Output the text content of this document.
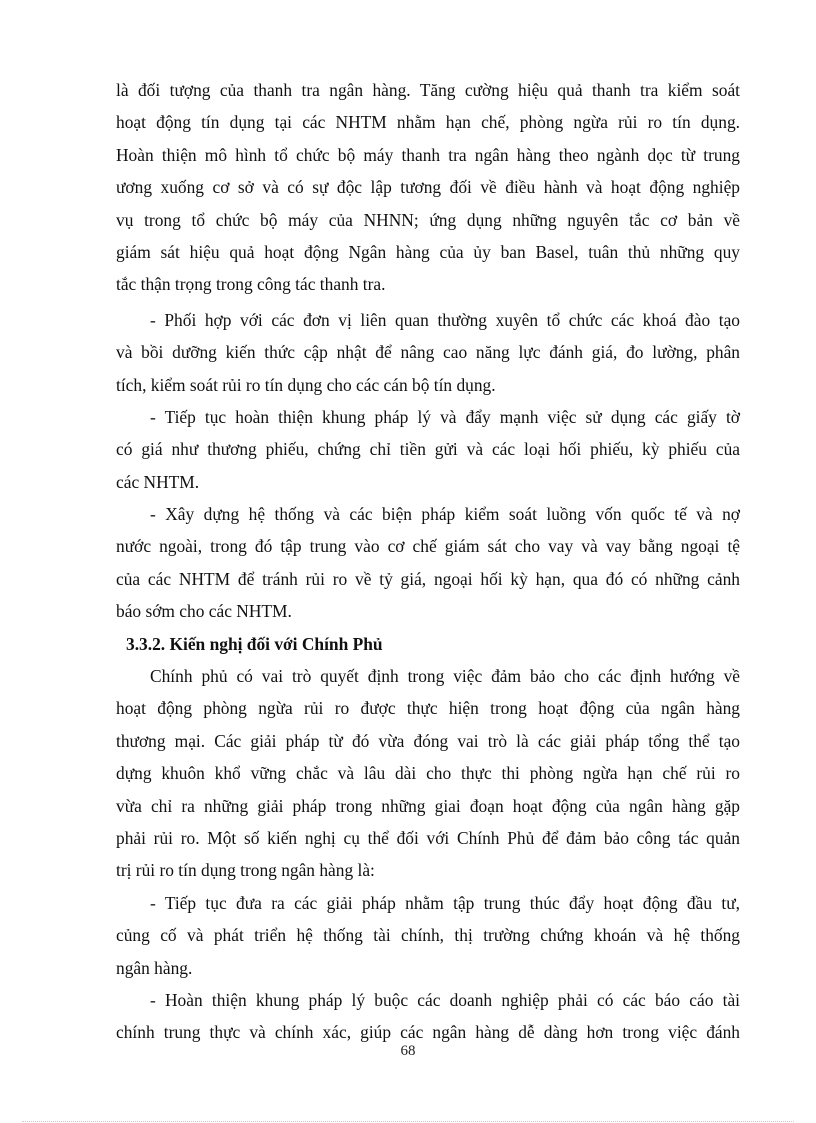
là đối tượng của thanh tra ngân hàng. Tăng cường hiệu quả thanh tra kiểm soát
hoạt động tín dụng tại các NHTM nhằm hạn chế, phòng ngừa rủi ro tín dụng.
Hoàn thiện mô hình tổ chức bộ máy thanh tra ngân hàng theo ngành dọc từ trung
ương xuống cơ sở và có sự độc lập tương đối về điều hành và hoạt động nghiệp
vụ trong tổ chức bộ máy của NHNN; ứng dụng những nguyên tắc cơ bản về
giám sát hiệu quả hoạt động Ngân hàng của ủy ban Basel, tuân thủ những quy
tắc thận trọng trong công tác thanh tra.
- Phối hợp với các đơn vị liên quan thường xuyên tổ chức các khoá đào tạo
và bồi dưỡng kiến thức cập nhật để nâng cao năng lực đánh giá, đo lường, phân
tích, kiểm soát rủi ro tín dụng cho các cán bộ tín dụng.
- Tiếp tục hoàn thiện khung pháp lý và đẩy mạnh việc sử dụng các giấy tờ
có giá như thương phiếu, chứng chỉ tiền gửi và các loại hối phiếu, kỳ phiếu của
các NHTM.
- Xây dựng hệ thống và các biện pháp kiểm soát luồng vốn quốc tế và nợ
nước ngoài, trong đó tập trung vào cơ chế giám sát cho vay và vay bằng ngoại tệ
của các NHTM để tránh rủi ro về tỷ giá, ngoại hối kỳ hạn, qua đó có những cảnh
báo sớm cho các NHTM.
3.3.2. Kiến nghị đối với Chính Phủ
Chính phủ có vai trò quyết định trong việc đảm bảo cho các định hướng về
hoạt động phòng ngừa rủi ro được thực hiện trong hoạt động của ngân hàng
thương mại. Các giải pháp từ đó vừa đóng vai trò là các giải pháp tổng thể tạo
dựng khuôn khổ vững chắc và lâu dài cho thực thi phòng ngừa hạn chế rủi ro
vừa chỉ ra những giải pháp trong những giai đoạn hoạt động của ngân hàng gặp
phải rủi ro. Một số kiến nghị cụ thể đối với Chính Phủ để đảm bảo công tác quản
trị rủi ro tín dụng trong ngân hàng là:
- Tiếp tục đưa ra các giải pháp nhằm tập trung thúc đẩy hoạt động đầu tư,
củng cố và phát triển hệ thống tài chính, thị trường chứng khoán và hệ thống
ngân hàng.
- Hoàn thiện khung pháp lý buộc các doanh nghiệp phải có các báo cáo tài
chính trung thực và chính xác, giúp các ngân hàng dễ dàng hơn trong việc đánh
68
